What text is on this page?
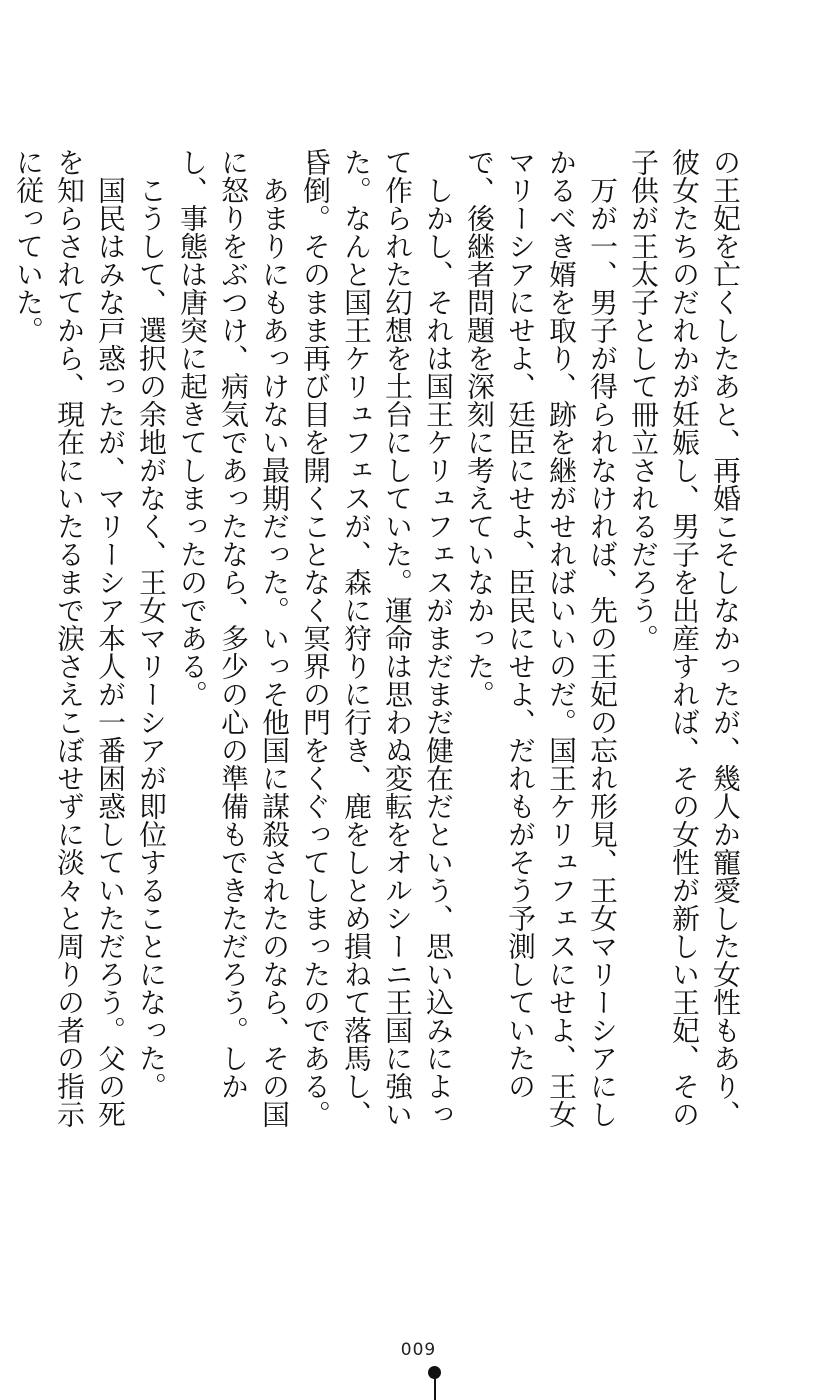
の王妃を亡くしたあと、再婚こそしなかったが、幾人か寵愛した女性もあり、彼女たちのだれかが妊娠し、男子を出産すれば、その女性が新しい王妃、その子供が王太子として冊立されるだろう。

万が一、男子が得られなければ、先の王妃の忘れ形見、王女マリーシアにしかるべき婿を取り、跡を継がせればいいのだ。国王ケリュフェスにせよ、王女マリーシアにせよ、廷臣にせよ、臣民にせよ、だれもがそう予測していたので、後継者問題を深刻に考えていなかった。

しかし、それは国王ケリュフェスがまだまだ健在だという、思い込みによって作られた幻想を土台にしていた。運命は思わぬ変転をオルシーニ王国に強いた。なんと国王ケリュフェスが、森に狩りに行き、鹿をしとめ損ねて落馬し、昏倒。そのまま再び目を開くことなく冥界の門をくぐってしまったのである。

あまりにもあっけない最期だった。いっそ他国に謀殺されたのなら、その国に怒りをぶつけ、病気であったなら、多少の心の準備もできただろう。しかし、事態は唐突に起きてしまったのである。

こうして、選択の余地がなく、王女マリーシアが即位することになった。

国民はみな戸惑ったが、マリーシア本人が一番困惑していただろう。父の死を知らされてから、現在にいたるまで涙さえこぼせずに淡々と周りの者の指示に従っていた。

009
